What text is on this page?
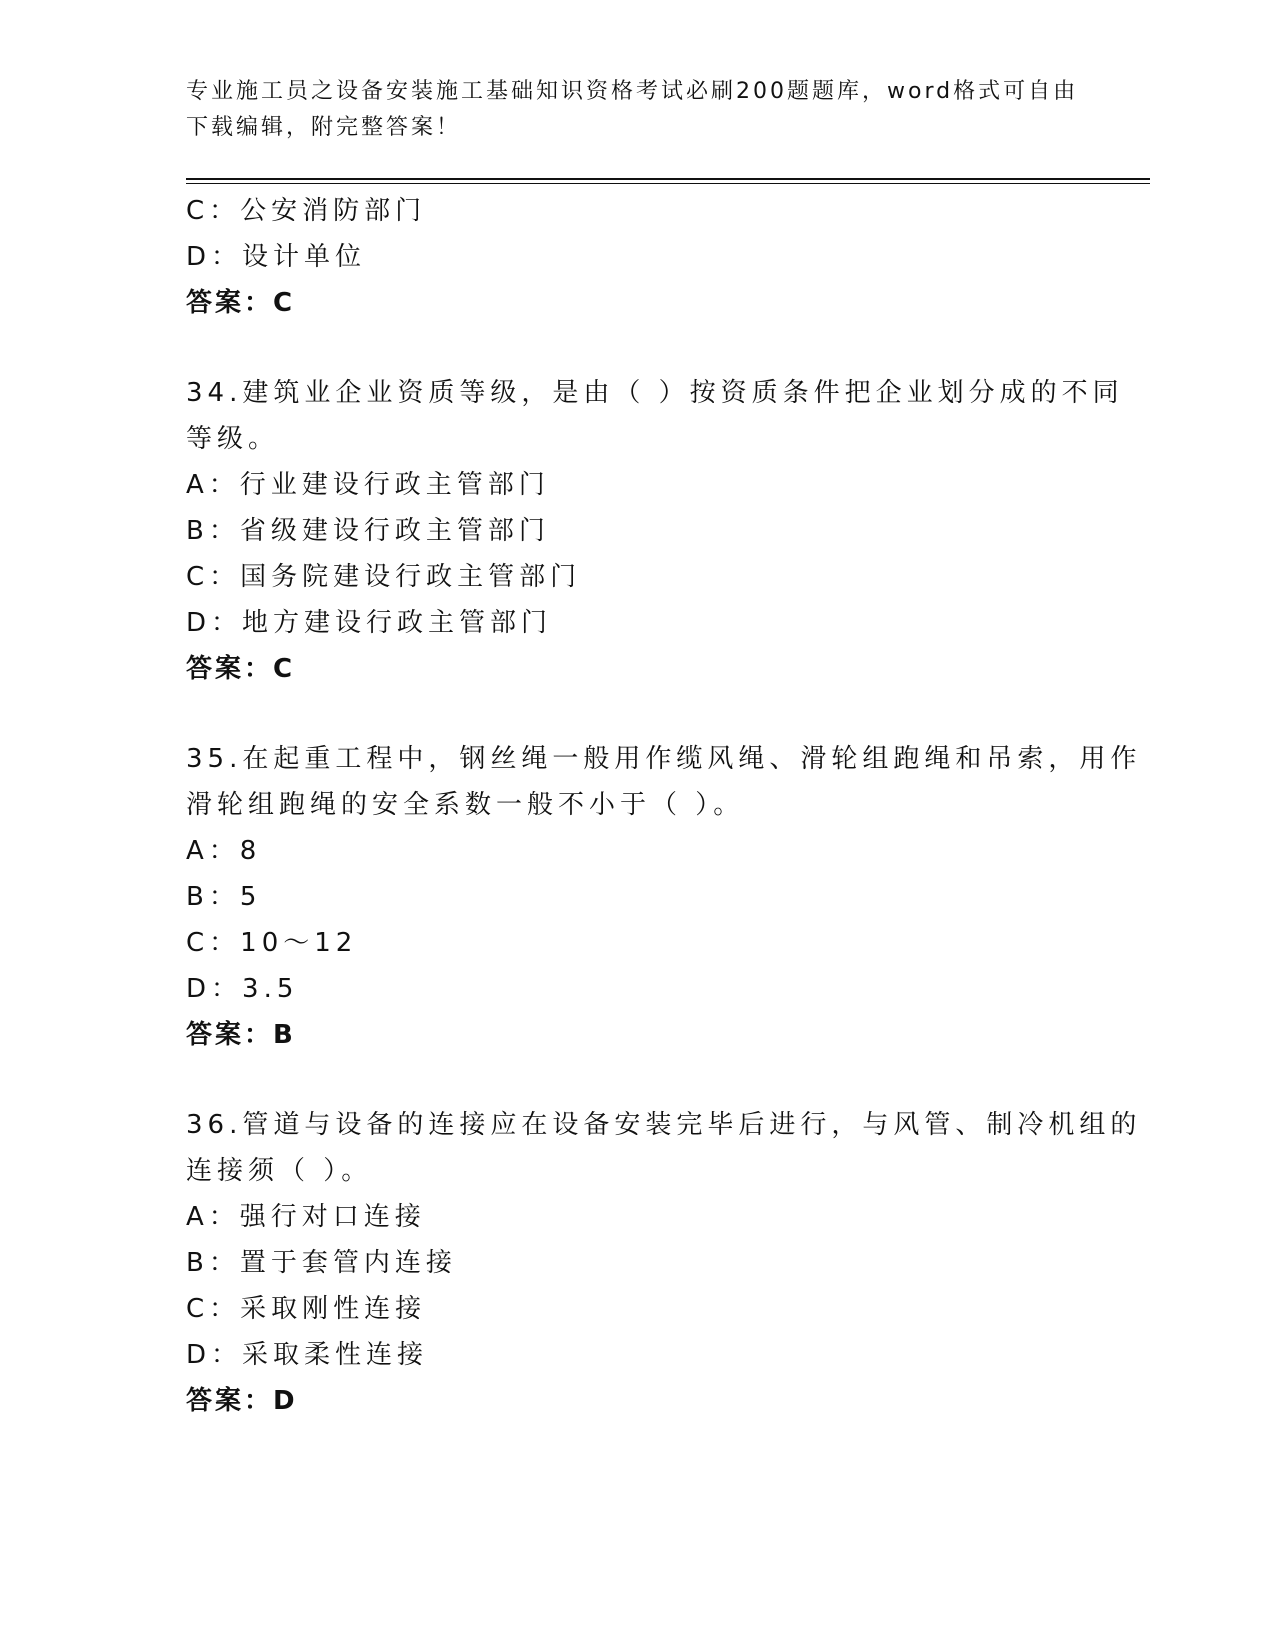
专业施工员之设备安装施工基础知识资格考试必刷200题题库，word格式可自由
下载编辑，附完整答案！
C：公安消防部门
D：设计单位
答案：C
34.建筑业企业资质等级，是由（ ）按资质条件把企业划分成的不同
等级。
A：行业建设行政主管部门
B：省级建设行政主管部门
C：国务院建设行政主管部门
D：地方建设行政主管部门
答案：C
35.在起重工程中，钢丝绳一般用作缆风绳、滑轮组跑绳和吊索，用作
滑轮组跑绳的安全系数一般不小于（ ）。
A：8
B：5
C：10～12
D：3.5
答案：B
36.管道与设备的连接应在设备安装完毕后进行，与风管、制冷机组的
连接须（ ）。
A：强行对口连接
B：置于套管内连接
C：采取刚性连接
D：采取柔性连接
答案：D
